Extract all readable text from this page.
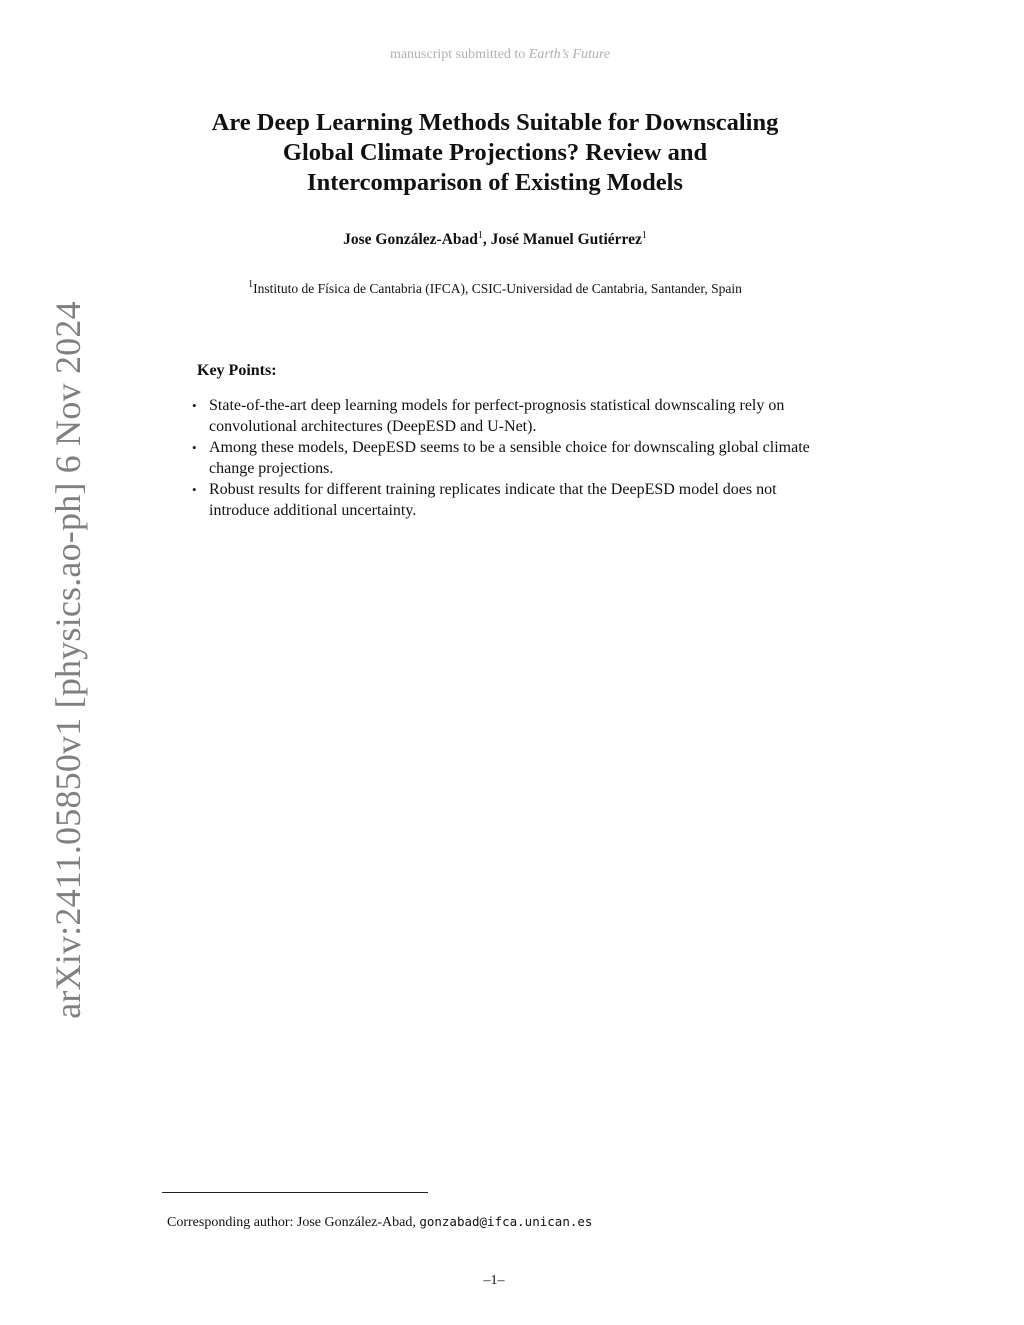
manuscript submitted to Earth’s Future
arXiv:2411.05850v1 [physics.ao-ph] 6 Nov 2024
Are Deep Learning Methods Suitable for Downscaling
Global Climate Projections? Review and
Intercomparison of Existing Models
Jose González-Abad$^1$, José Manuel Gutiérrez$^1$
$^1$Instituto de Física de Cantabria (IFCA), CSIC-Universidad de Cantabria, Santander, Spain
Key Points:
• State-of-the-art deep learning models for perfect-prognosis statistical downscaling rely on convolutional architectures (DeepESD and U-Net).
• Among these models, DeepESD seems to be a sensible choice for downscaling global climate change projections.
• Robust results for different training replicates indicate that the DeepESD model does not introduce additional uncertainty.
Corresponding author: Jose González-Abad, gonzabad@ifca.unican.es
–1–
